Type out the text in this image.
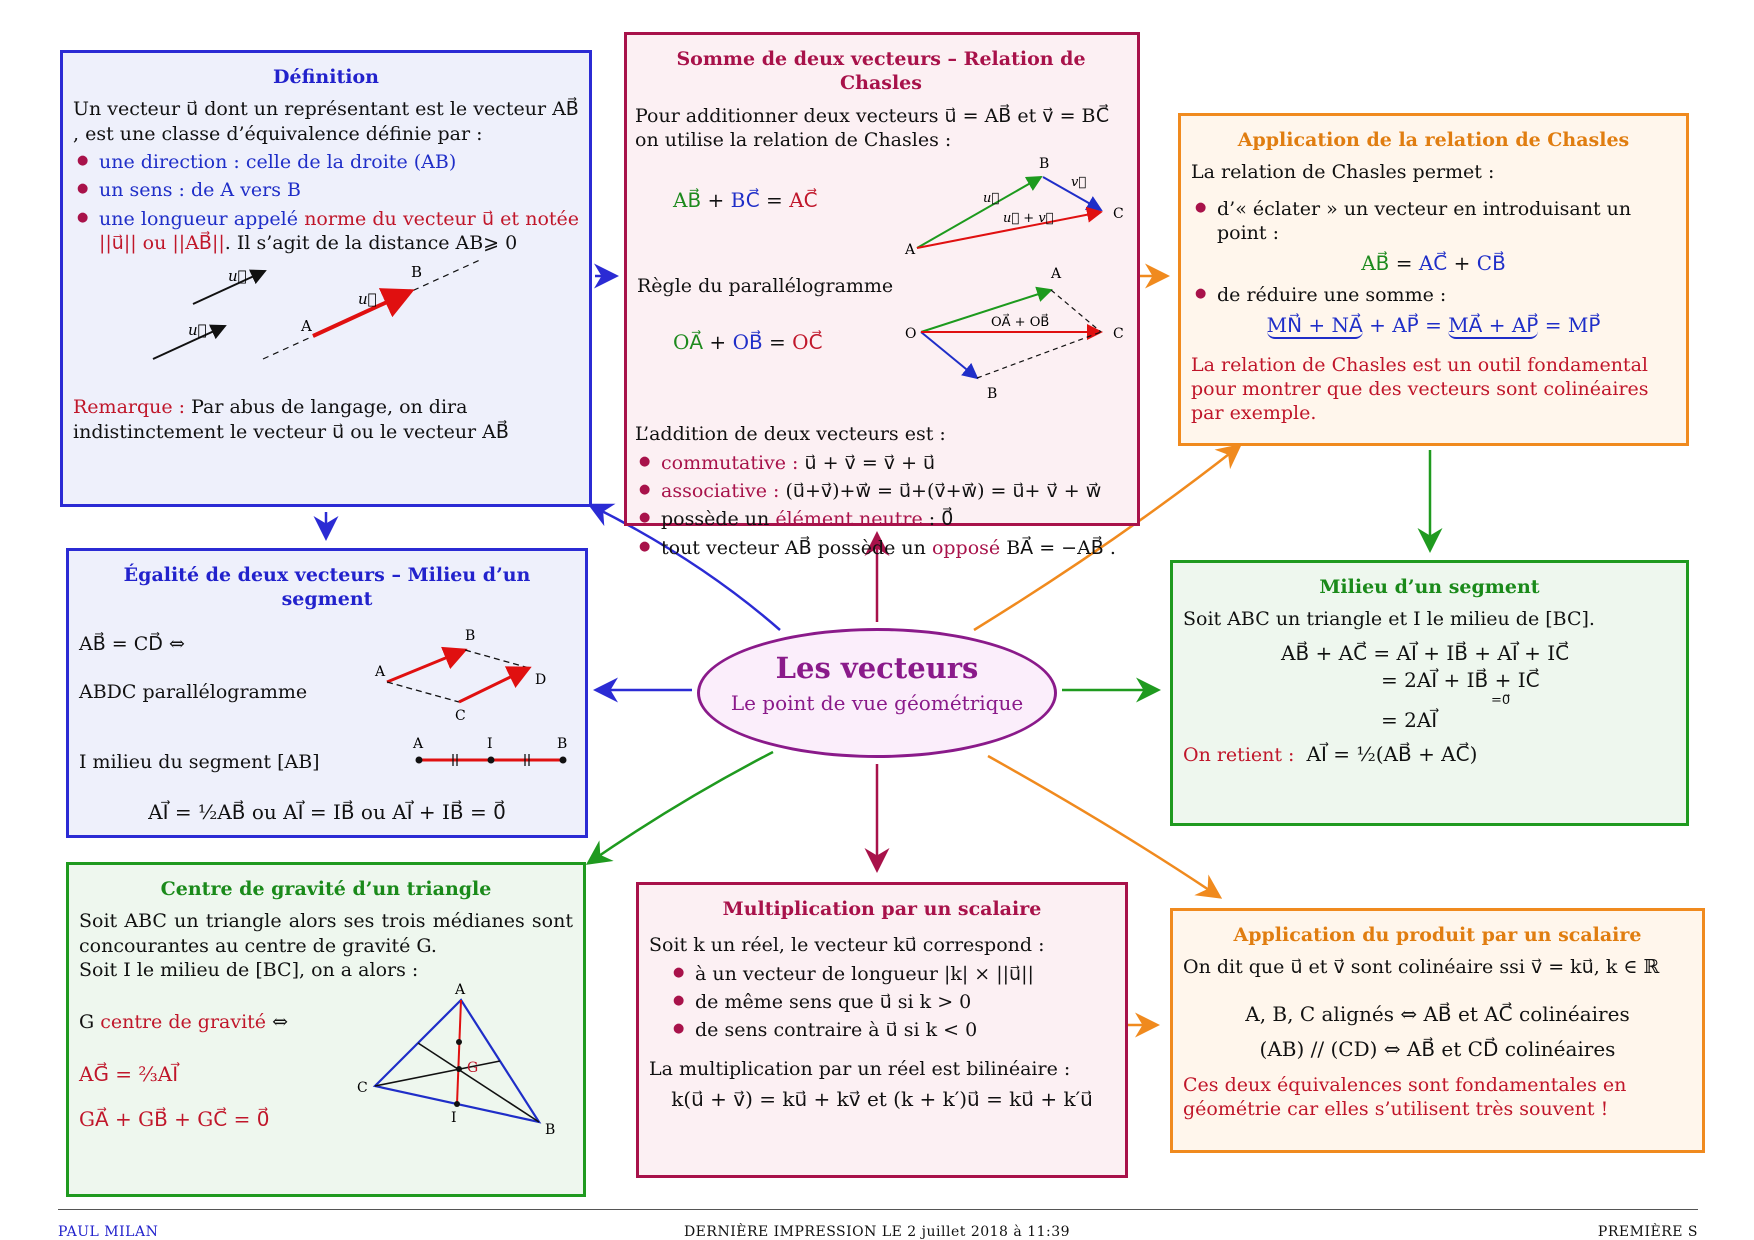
Définition
Un vecteur u⃗ dont un représentant est le vecteur AB⃗ , est une classe d’équivalence définie par :
● une direction : celle de la droite (AB)
● un sens : de A vers B
● une longueur appelé norme du vecteur u⃗ et notée ||u⃗|| ou ||AB⃗||. Il s’agit de la distance AB⩾ 0
u⃗
u⃗
u⃗
A
B
Remarque : Par abus de langage, on dira indistinctement le vecteur u⃗ ou le vecteur AB⃗
Somme de deux vecteurs – Relation de Chasles
Pour additionner deux vecteurs u⃗ = AB⃗ et v⃗ = BC⃗ on utilise la relation de Chasles :
AB⃗ + BC⃗ = AC⃗
Règle du parallélogramme
OA⃗ + OB⃗ = OC⃗
A
B
C
u⃗
v⃗
u⃗ + v⃗
O
A
B
C
OA⃗ + OB⃗
L’addition de deux vecteurs est :
● commutative : u⃗ + v⃗ = v⃗ + u⃗
● associative : (u⃗+v⃗)+w⃗ = u⃗+(v⃗+w⃗) = u⃗+ v⃗ + w⃗
● possède un élément neutre : 0⃗
● tout vecteur AB⃗ possède un opposé BA⃗ = −AB⃗ .
Application de la relation de Chasles
La relation de Chasles permet :
● d’« éclater » un vecteur en introduisant un point :
AB⃗ = AC⃗ + CB⃗
● de réduire une somme :
MN⃗ + NA⃗ + AP⃗ = MA⃗ + AP⃗ = MP⃗
La relation de Chasles est un outil fondamental pour montrer que des vecteurs sont colinéaires par exemple.
Égalité de deux vecteurs – Milieu d’un segment
AB⃗ = CD⃗ ⇔
ABDC parallélogramme
I milieu du segment [AB]
A
B
D
C
A	I	B
AI⃗ = ½AB⃗ ou AI⃗ = IB⃗ ou AI⃗ + IB⃗ = 0⃗
Les vecteurs
Le point de vue géométrique
Milieu d’un segment
Soit ABC un triangle et I le milieu de [BC].
AB⃗ + AC⃗ = AI⃗ + IB⃗ + AI⃗ + IC⃗
= 2AI⃗ + IB⃗ + IC⃗
=0⃗
= 2AI⃗
On retient : AI⃗ = ½(AB⃗ + AC⃗)
Centre de gravité d’un triangle
Soit ABC un triangle alors ses trois médianes sont concourantes au centre de gravité G.
Soit I le milieu de [BC], on a alors :
G centre de gravité ⇔
AG⃗ = ⅔AI⃗
GA⃗ + GB⃗ + GC⃗ = 0⃗
A
C
B
G
I
Multiplication par un scalaire
Soit k un réel, le vecteur ku⃗ correspond :
● à un vecteur de longueur |k| × ||u⃗||
● de même sens que u⃗ si k > 0
● de sens contraire à u⃗ si k < 0
La multiplication par un réel est bilinéaire :
k(u⃗ + v⃗) = ku⃗ + kv⃗ et (k + k′)u⃗ = ku⃗ + k′u⃗
Application du produit par un scalaire
On dit que u⃗ et v⃗ sont colinéaire ssi v⃗ = ku⃗, k ∈ ℝ
A, B, C alignés ⇔ AB⃗ et AC⃗ colinéaires
(AB) // (CD) ⇔ AB⃗ et CD⃗ colinéaires
Ces deux équivalences sont fondamentales en géométrie car elles s’utilisent très souvent !
PAUL MILAN	DERNIÈRE IMPRESSION LE 2 juillet 2018 à 11:39	PREMIÈRE S
